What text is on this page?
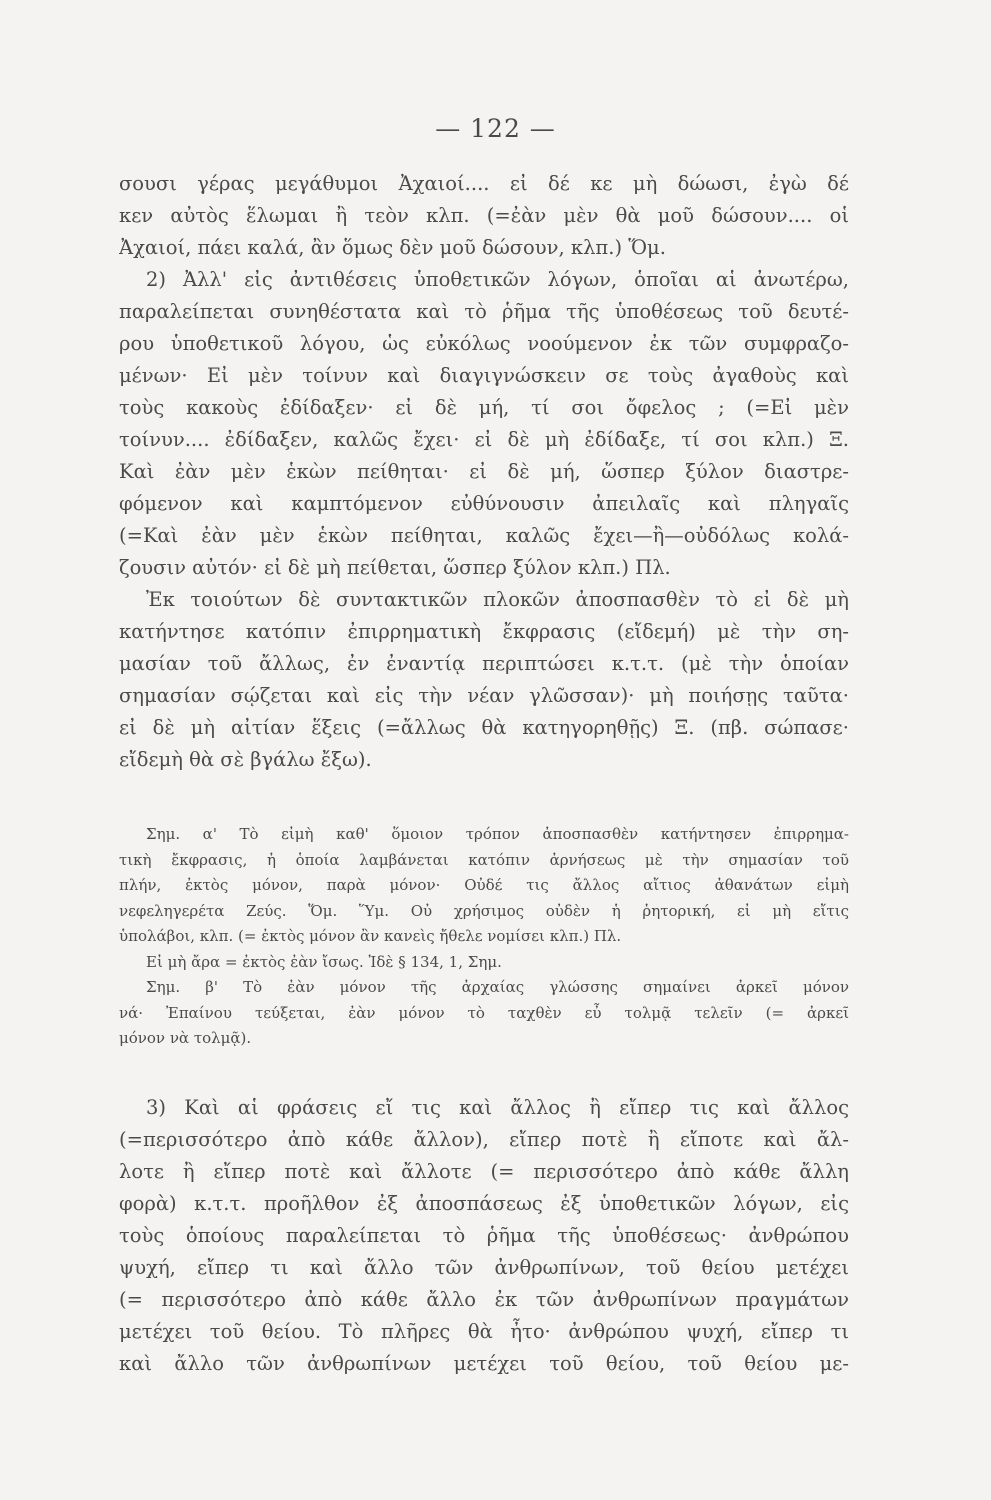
— 122 —
σουσι γέρας μεγάθυμοι Ἀχαιοί.... εἰ δέ κε μὴ δώωσι, ἐγὼ δέ
κεν αὐτὸς ἕλωμαι ἢ τεὸν κλπ. (=ἐὰν μὲν θὰ μοῦ δώσουν.... οἱ
Ἀχαιοί, πάει καλά, ἂν ὅμως δὲν μοῦ δώσουν, κλπ.) Ὅμ.
2) Ἀλλ' εἰς ἀντιθέσεις ὑποθετικῶν λόγων, ὁποῖαι αἱ ἀνωτέρω,
παραλείπεται συνηθέστατα καὶ τὸ ῥῆμα τῆς ὑποθέσεως τοῦ δευτέ-
ρου ὑποθετικοῦ λόγου, ὡς εὐκόλως νοούμενον ἐκ τῶν συμφραζο-
μένων· Εἰ μὲν τοίνυν καὶ διαγιγνώσκειν σε τοὺς ἀγαθοὺς καὶ
τοὺς κακοὺς ἐδίδαξεν· εἰ δὲ μή, τί σοι ὄφελος ; (=Εἰ μὲν
τοίνυν.... ἐδίδαξεν, καλῶς ἔχει· εἰ δὲ μὴ ἐδίδαξε, τί σοι κλπ.) Ξ.
Καὶ ἐὰν μὲν ἑκὼν πείθηται· εἰ δὲ μή, ὥσπερ ξύλον διαστρε-
φόμενον καὶ καμπτόμενον εὐθύνουσιν ἀπειλαῖς καὶ πληγαῖς
(=Καὶ ἐὰν μὲν ἑκὼν πείθηται, καλῶς ἔχει—ἢ—οὐδόλως κολά-
ζουσιν αὐτόν· εἰ δὲ μὴ πείθεται, ὥσπερ ξύλον κλπ.) Πλ.
Ἐκ τοιούτων δὲ συντακτικῶν πλοκῶν ἀποσπασθὲν τὸ εἰ δὲ μὴ
κατήντησε κατόπιν ἐπιρρηματικὴ ἔκφρασις (εἴδεμή) μὲ τὴν ση-
μασίαν τοῦ ἄλλως, ἐν ἐναντίᾳ περιπτώσει κ.τ.τ. (μὲ τὴν ὁποίαν
σημασίαν σῴζεται καὶ εἰς τὴν νέαν γλῶσσαν)· μὴ ποιήσῃς ταῦτα·
εἰ δὲ μὴ αἰτίαν ἕξεις (=ἄλλως θὰ κατηγορηθῇς) Ξ. (πβ. σώπασε·
εἴδεμὴ θὰ σὲ βγάλω ἔξω).
Σημ. α' Τὸ εἰμὴ καθ' ὅμοιον τρόπον ἀποσπασθὲν κατήντησεν ἐπιρρημα-
τικὴ ἔκφρασις, ἡ ὁποία λαμβάνεται κατόπιν ἀρνήσεως μὲ τὴν σημασίαν τοῦ
πλήν, ἐκτὸς μόνον, παρὰ μόνον· Οὐδέ τις ἄλλος αἴτιος ἀθανάτων εἰμὴ
νεφεληγερέτα Ζεύς. Ὅμ. Ὕμ. Οὐ χρήσιμος οὐδὲν ἡ ῥητορική, εἰ μὴ εἴτις
ὑπολάβοι, κλπ. (= ἐκτὸς μόνον ἂν κανεὶς ἤθελε νομίσει κλπ.) Πλ.
Εἰ μὴ ἄρα = ἐκτὸς ἐὰν ἴσως. Ἰδὲ § 134, 1, Σημ.
Σημ. β' Τὸ ἐὰν μόνον τῆς ἀρχαίας γλώσσης σημαίνει ἀρκεῖ μόνον
νά· Ἐπαίνου τεύξεται, ἐὰν μόνον τὸ ταχθὲν εὖ τολμᾷ τελεῖν (= ἀρκεῖ
μόνον νὰ τολμᾷ).
3) Καὶ αἱ φράσεις εἴ τις καὶ ἄλλος ἢ εἴπερ τις καὶ ἄλλος
(=περισσότερο ἀπὸ κάθε ἄλλον), εἴπερ ποτὲ ἢ εἴποτε καὶ ἄλ-
λοτε ἢ εἴπερ ποτὲ καὶ ἄλλοτε (= περισσότερο ἀπὸ κάθε ἄλλη
φορὰ) κ.τ.τ. προῆλθον ἐξ ἀποσπάσεως ἐξ ὑποθετικῶν λόγων, εἰς
τοὺς ὁποίους παραλείπεται τὸ ῥῆμα τῆς ὑποθέσεως· ἀνθρώπου
ψυχή, εἴπερ τι καὶ ἄλλο τῶν ἀνθρωπίνων, τοῦ θείου μετέχει
(= περισσότερο ἀπὸ κάθε ἄλλο ἐκ τῶν ἀνθρωπίνων πραγμάτων
μετέχει τοῦ θείου. Τὸ πλῆρες θὰ ἦτο· ἀνθρώπου ψυχή, εἴπερ τι
καὶ ἄλλο τῶν ἀνθρωπίνων μετέχει τοῦ θείου, τοῦ θείου με-
